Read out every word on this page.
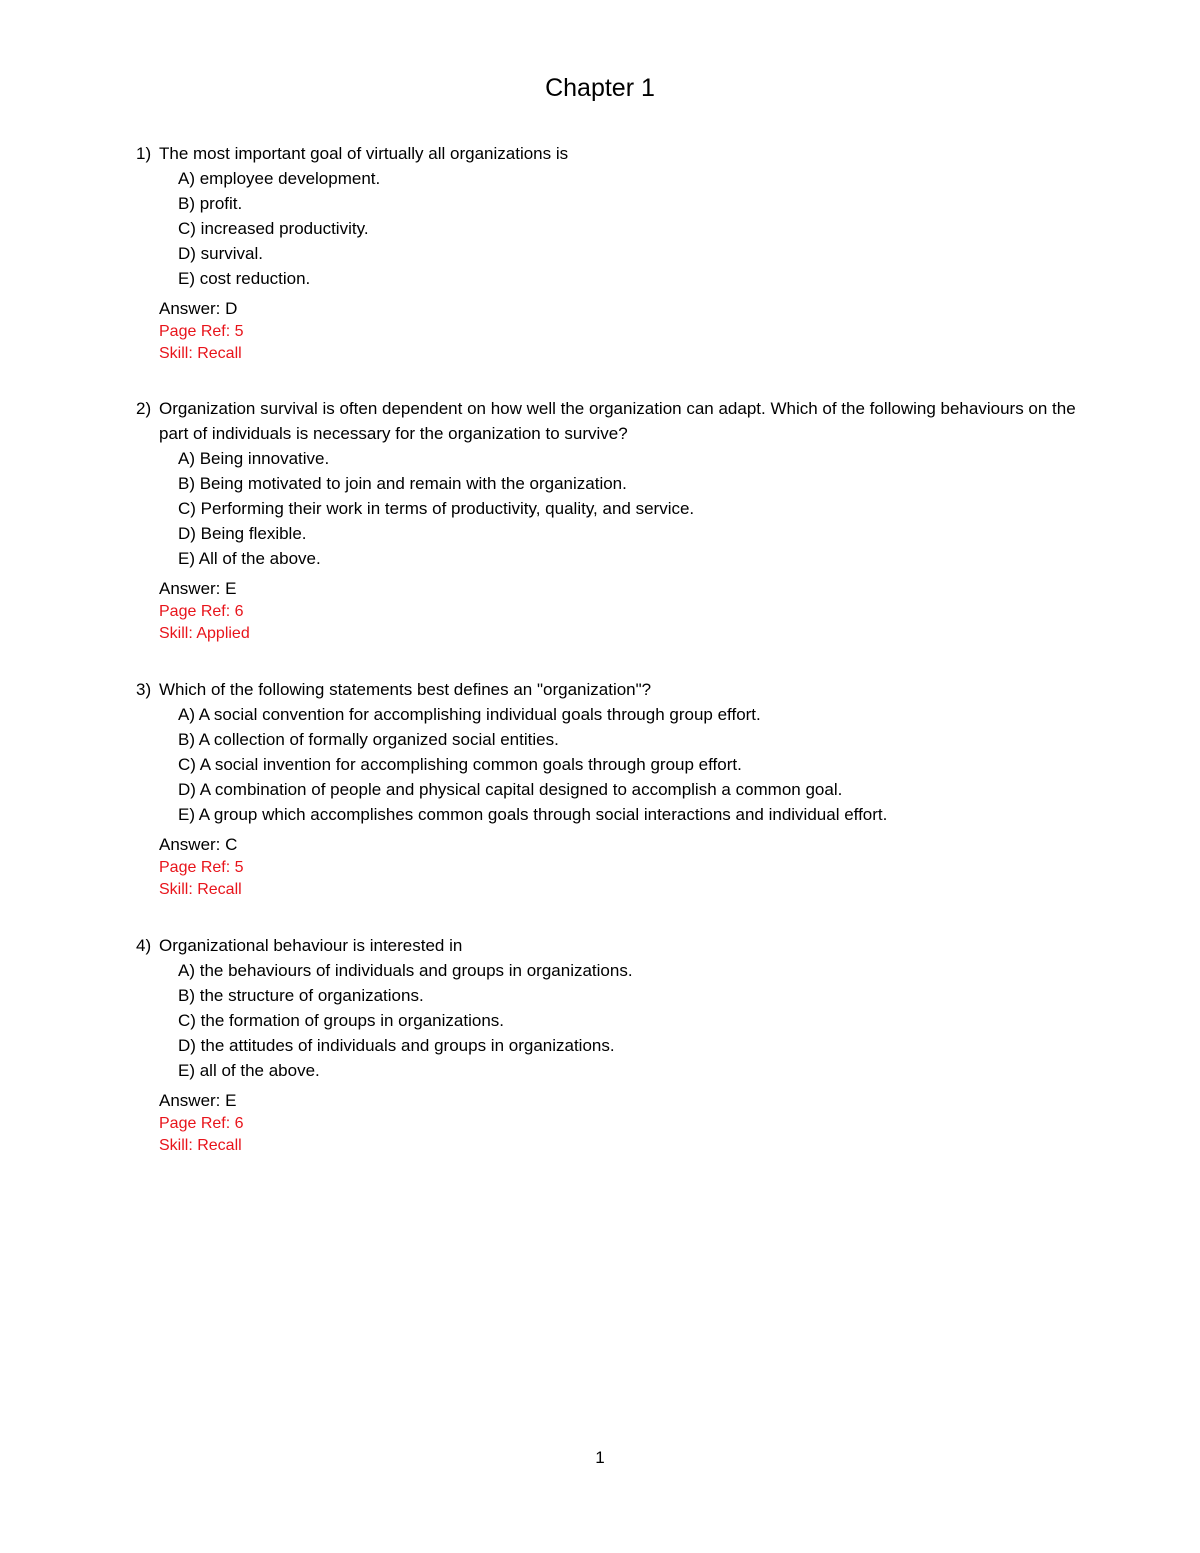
Chapter 1
1) The most important goal of virtually all organizations is
A) employee development.
B) profit.
C) increased productivity.
D) survival.
E) cost reduction.
Answer: D
Page Ref: 5
Skill: Recall
2) Organization survival is often dependent on how well the organization can adapt. Which of the following behaviours on the part of individuals is necessary for the organization to survive?
A) Being innovative.
B) Being motivated to join and remain with the organization.
C) Performing their work in terms of productivity, quality, and service.
D) Being flexible.
E) All of the above.
Answer: E
Page Ref: 6
Skill: Applied
3) Which of the following statements best defines an "organization"?
A) A social convention for accomplishing individual goals through group effort.
B) A collection of formally organized social entities.
C) A social invention for accomplishing common goals through group effort.
D) A combination of people and physical capital designed to accomplish a common goal.
E) A group which accomplishes common goals through social interactions and individual effort.
Answer: C
Page Ref: 5
Skill: Recall
4) Organizational behaviour is interested in
A) the behaviours of individuals and groups in organizations.
B) the structure of organizations.
C) the formation of groups in organizations.
D) the attitudes of individuals and groups in organizations.
E) all of the above.
Answer: E
Page Ref: 6
Skill: Recall
1
